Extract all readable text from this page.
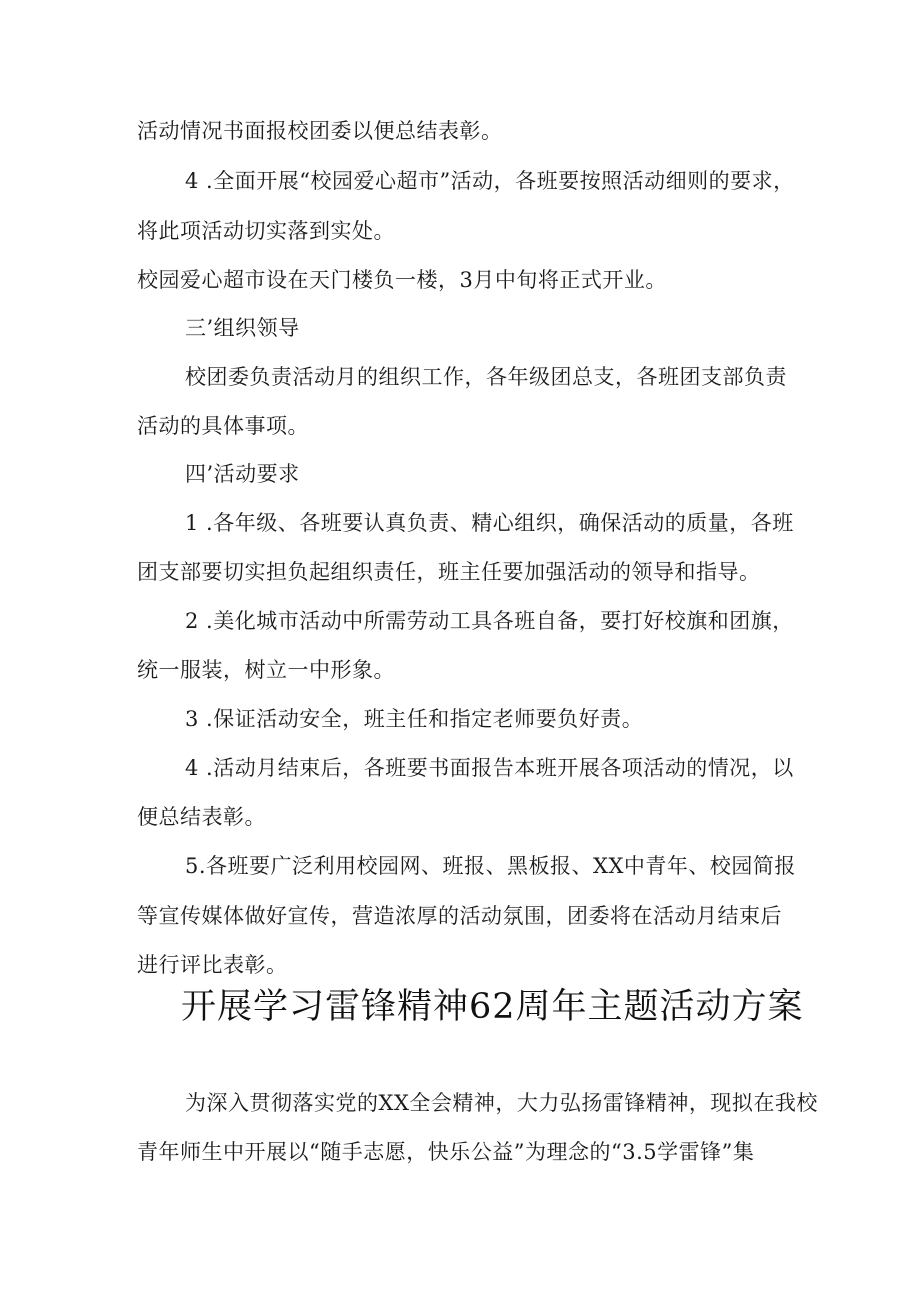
活动情况书面报校团委以便总结表彰。
4 .全面开展“校园爱心超市”活动，各班要按照活动细则的要求，
将此项活动切实落到实处。
校园爱心超市设在天门楼负一楼，3月中旬将正式开业。
三’组织领导
校团委负责活动月的组织工作，各年级团总支，各班团支部负责
活动的具体事项。
四’活动要求
1 .各年级、各班要认真负责、精心组织，确保活动的质量，各班
团支部要切实担负起组织责任，班主任要加强活动的领导和指导。
2 .美化城市活动中所需劳动工具各班自备，要打好校旗和团旗，
统一服装，树立一中形象。
3 .保证活动安全，班主任和指定老师要负好责。
4 .活动月结束后，各班要书面报告本班开展各项活动的情况，以
便总结表彰。
5.各班要广泛利用校园网、班报、黑板报、XX中青年、校园简报
等宣传媒体做好宣传，营造浓厚的活动氛围，团委将在活动月结束后
进行评比表彰。
开展学习雷锋精神62周年主题活动方案
为深入贯彻落实党的XX全会精神，大力弘扬雷锋精神，现拟在我校
青年师生中开展以“随手志愿，快乐公益”为理念的“3.5学雷锋”集
